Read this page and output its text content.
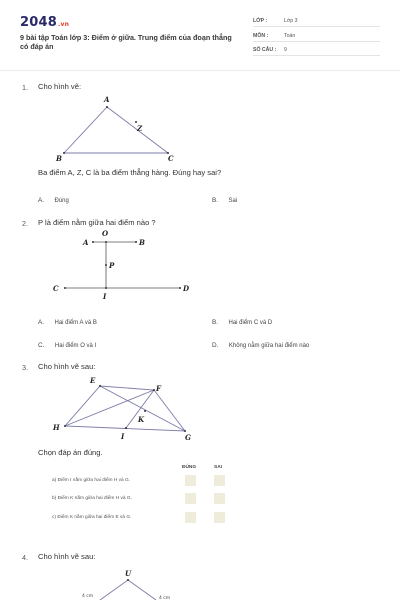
2048.vn
9 bài tập Toán lớp 3: Điểm ở giữa. Trung điểm của đoạn thẳng có đáp án
LỚP :	Lớp 3
MÔN :	Toán
SỐ CÂU : 9
1. Cho hình vẽ:
A
Z
B	C
Ba điểm A, Z, C là ba điểm thẳng hàng. Đúng hay sai?
A. Đúng	B. Sai
2. P là điểm nằm giữa hai điểm nào ?
O
A	B
P
C	D
I
A. Hai điểm A và B	B. Hai điểm C và D
C. Hai điểm O và I	D. Không nằm giữa hai điểm nào
3. Cho hình vẽ sau:
E
F
K
H
I	G
Chọn đáp án đúng.
ĐÚNG	SAI
a) Điểm I nằm giữa hai điểm H và G.
b) Điểm K nằm giữa hai điểm H và G.
c) Điểm K nằm giữa hai điểm E và G.
4. Cho hình vẽ sau:
U
4 cm	4 cm
